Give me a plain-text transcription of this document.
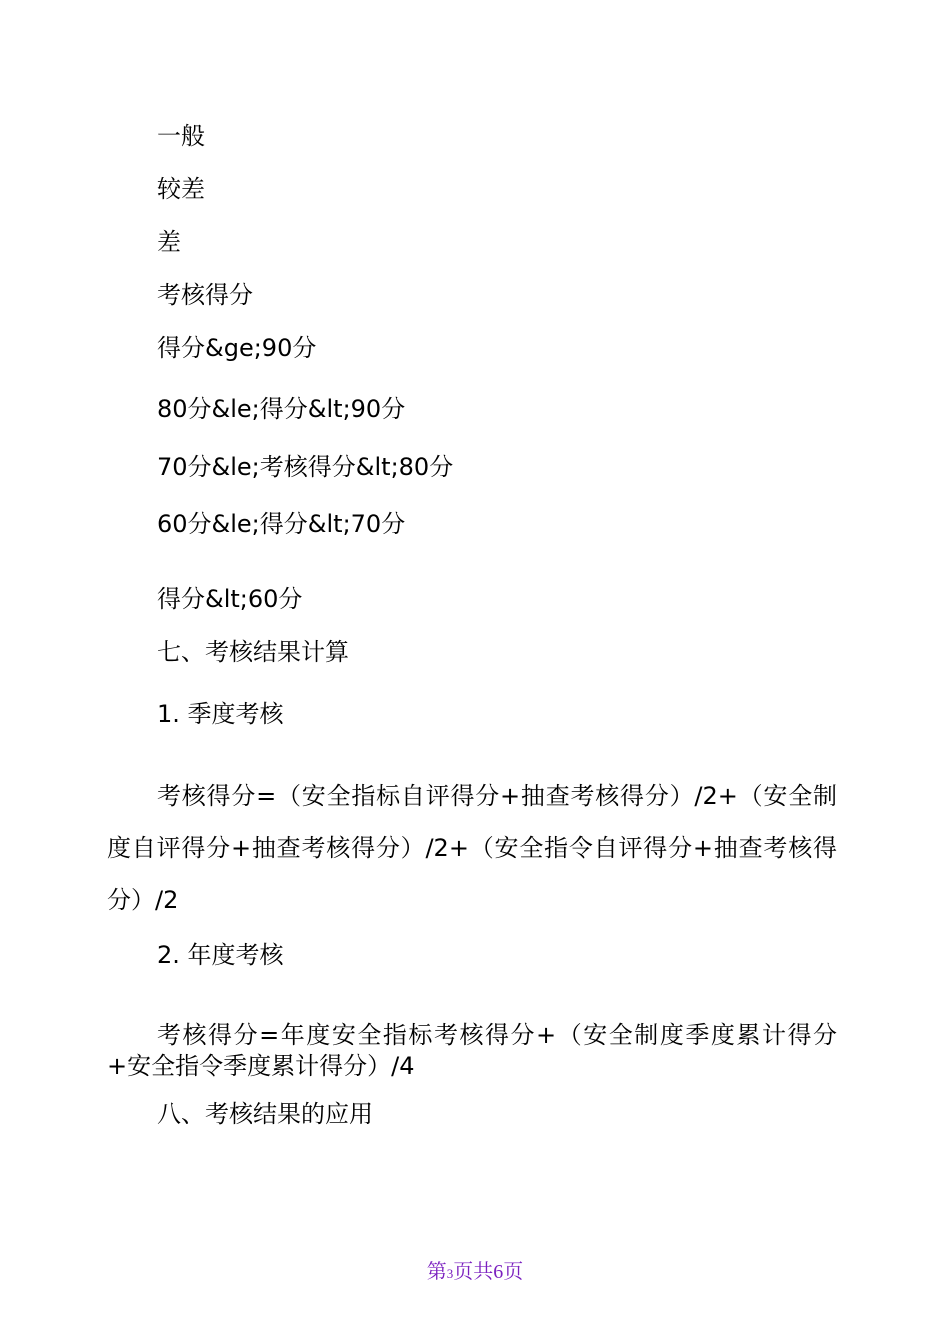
一般
较差
差
考核得分
得分&ge;90分
80分&le;得分&lt;90分
70分&le;考核得分&lt;80分
60分&le;得分&lt;70分
得分&lt;60分
七、考核结果计算
1. 季度考核
考核得分=（安全指标自评得分+抽查考核得分）/2+（安全制度自评得分+抽查考核得分）/2+（安全指令自评得分+抽查考核得分）/2
2. 年度考核
考核得分=年度安全指标考核得分+（安全制度季度累计得分+安全指令季度累计得分）/4
八、考核结果的应用
第3页共6页
